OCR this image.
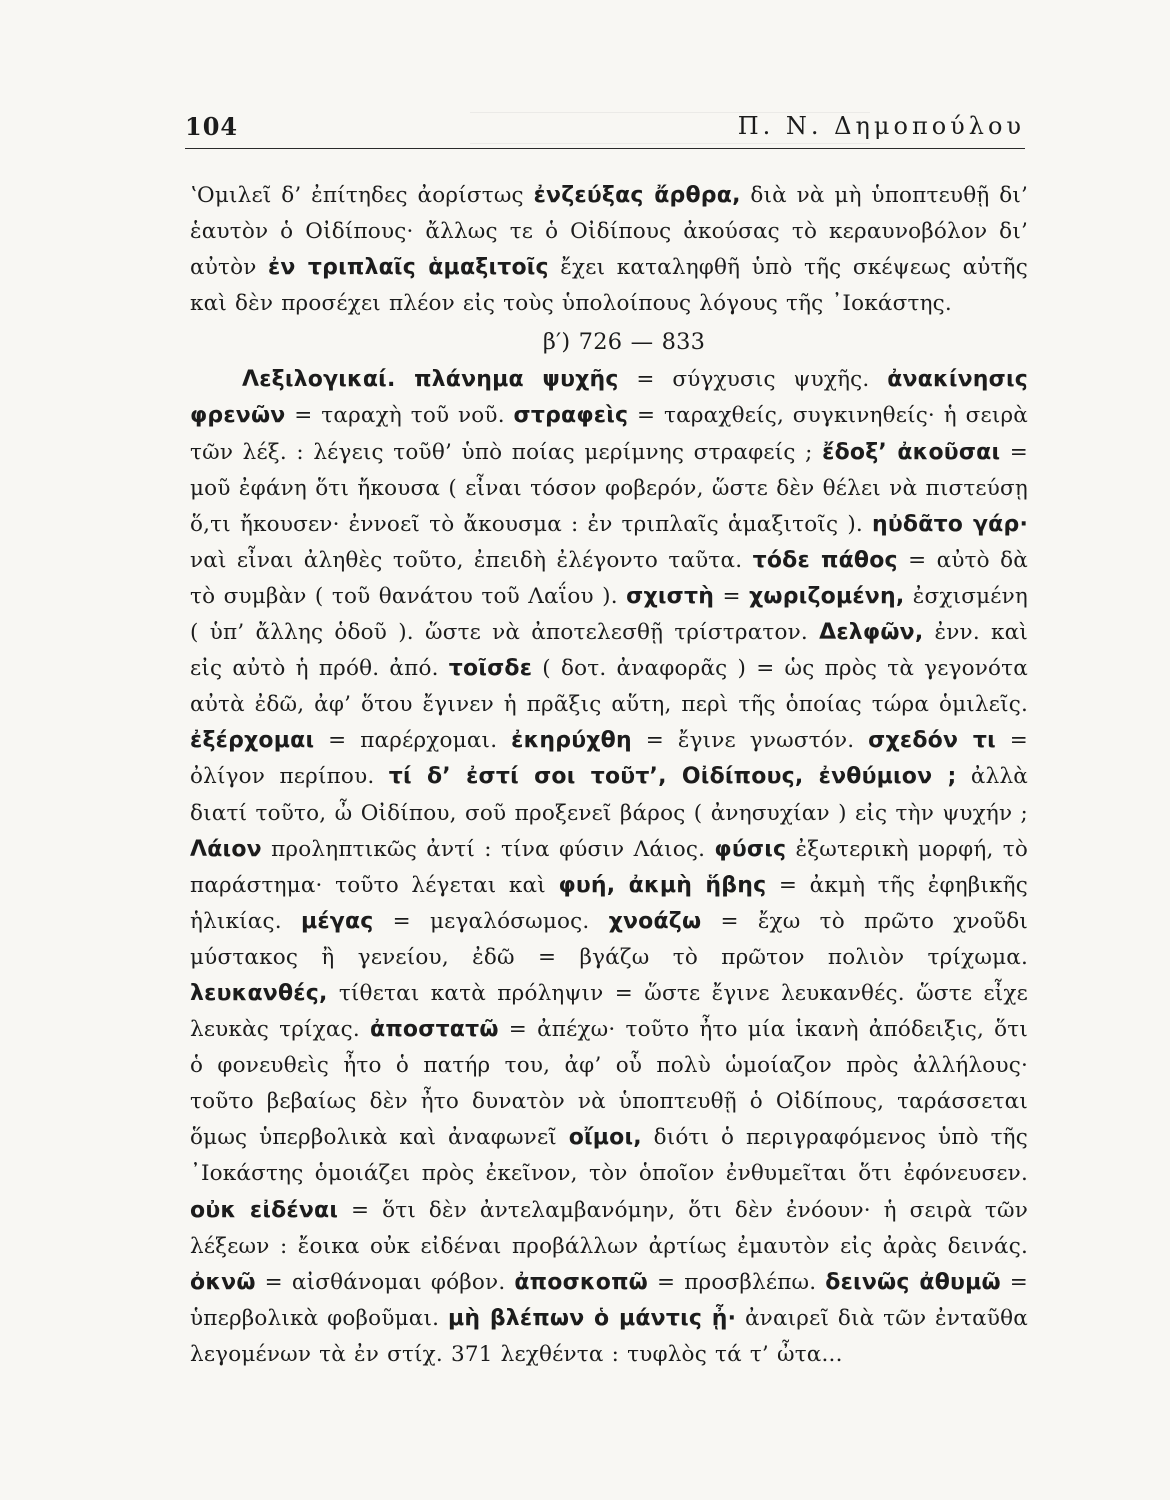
104	Π. Ν. Δημοπούλου

ʽΟμιλεῖ δ’ ἐπίτηδες ἀορίστως ἐνζεύξας ἄρθρα, διὰ νὰ μὴ ὑποπτευθῇ δι’ ἑαυτὸν ὁ Οἰδίπους· ἄλλως τε ὁ Οἰδίπους ἀκούσας τὸ κεραυνοβόλον δι’ αὐτὸν ἐν τριπλαῖς ἁμαξιτοῖς ἔχει καταληφθῆ ὑπὸ τῆς σκέψεως αὐτῆς καὶ δὲν προσέχει πλέον εἰς τοὺς ὑπολοίπους λόγους τῆς ᾿Ιοκάστης.

β′) 726 — 833

Λεξιλογικαί. πλάνημα ψυχῆς = σύγχυσις ψυχῆς. ἀνακίνησις φρενῶν = ταραχὴ τοῦ νοῦ. στραφεὶς = ταραχθείς, συγκινηθείς· ἡ σειρὰ τῶν λέξ. : λέγεις τοῦθ’ ὑπὸ ποίας μερίμνης στραφείς ; ἔδοξ’ ἀκοῦσαι = μοῦ ἐφάνη ὅτι ἤκουσα ( εἶναι τόσον φοβερόν, ὥστε δὲν θέλει νὰ πιστεύσῃ ὅ,τι ἤκουσεν· ἐννοεῖ τὸ ἄκουσμα : ἐν τριπλαῖς ἁμαξιτοῖς ). ηὐδᾶτο γάρ· ναὶ εἶναι ἀληθὲς τοῦτο, ἐπειδὴ ἐλέγοντο ταῦτα. τόδε πάθος = αὐτὸ δὰ τὸ συμβὰν ( τοῦ θανάτου τοῦ Λαΐου ). σχιστὴ = χωριζομένη, ἐσχισμένη ( ὑπ’ ἄλλης ὁδοῦ ). ὥστε νὰ ἀποτελεσθῇ τρίστρατον. Δελφῶν, ἐνν. καὶ εἰς αὐτὸ ἡ πρόθ. ἀπό. τοῖσδε ( δοτ. ἀναφορᾶς ) = ὡς πρὸς τὰ γεγονότα αὐτὰ ἐδῶ, ἀφ’ ὅτου ἔγινεν ἡ πρᾶξις αὕτη, περὶ τῆς ὁποίας τώρα ὁμιλεῖς. ἐξέρχομαι = παρέρχομαι. ἐκηρύχθη = ἔγινε γνωστόν. σχεδόν τι = ὀλίγον περίπου. τί δ’ ἐστί σοι τοῦτ’, Οἰδίπους, ἐνθύμιον ; ἀλλὰ διατί τοῦτο, ὦ Οἰδίπου, σοῦ προξενεῖ βάρος ( ἀνησυχίαν ) εἰς τὴν ψυχήν ; Λάιον προληπτικῶς ἀντί : τίνα φύσιν Λάιος. φύσις ἐξωτερικὴ μορφή, τὸ παράστημα· τοῦτο λέγεται καὶ φυή, ἀκμὴ ἥβης = ἀκμὴ τῆς ἐφηβικῆς ἡλικίας. μέγας = μεγαλόσωμος. χνοάζω = ἔχω τὸ πρῶτο χνοῦδι μύστακος ἢ γενείου, ἐδῶ = βγάζω τὸ πρῶτον πολιὸν τρίχωμα. λευκανθές, τίθεται κατὰ πρόληψιν = ὥστε ἔγινε λευκανθές. ὥστε εἶχε λευκὰς τρίχας. ἀποστατῶ = ἀπέχω· τοῦτο ἦτο μία ἱκανὴ ἀπόδειξις, ὅτι ὁ φονευθεὶς ἦτο ὁ πατήρ του, ἀφ’ οὗ πολὺ ὡμοίαζον πρὸς ἀλλήλους· τοῦτο βεβαίως δὲν ἦτο δυνατὸν νὰ ὑποπτευθῇ ὁ Οἰδίπους, ταράσσεται ὅμως ὑπερβολικὰ καὶ ἀναφωνεῖ οἴμοι, διότι ὁ περιγραφόμενος ὑπὸ τῆς ᾿Ιοκάστης ὁμοιάζει πρὸς ἐκεῖνον, τὸν ὁποῖον ἐνθυμεῖται ὅτι ἐφόνευσεν. οὐκ εἰδέναι = ὅτι δὲν ἀντελαμβανόμην, ὅτι δὲν ἐνόουν· ἡ σειρὰ τῶν λέξεων : ἔοικα οὐκ εἰδέναι προβάλλων ἀρτίως ἐμαυτὸν εἰς ἀρὰς δεινάς. ὀκνῶ = αἰσθάνομαι φόβον. ἀποσκοπῶ = προσβλέπω. δεινῶς ἀθυμῶ = ὑπερβολικὰ φοβοῦμαι. μὴ βλέπων ὁ μάντις ᾖ· ἀναιρεῖ διὰ τῶν ἐνταῦθα λεγομένων τὰ ἐν στίχ. 371 λεχθέντα : τυφλὸς τά τ’ ὦτα...
